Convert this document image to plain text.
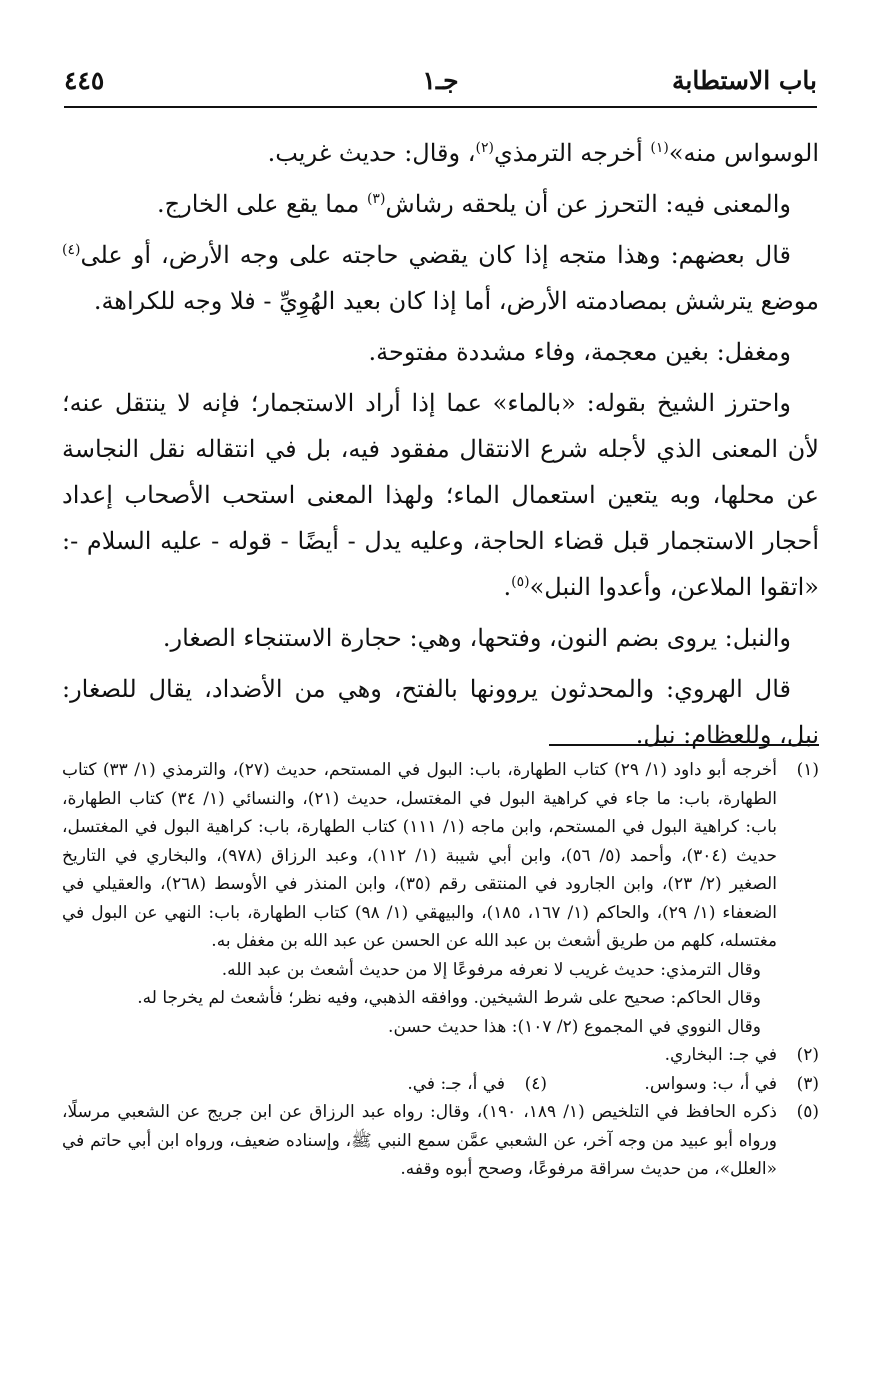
باب الاستطابة
جـ١
٤٤٥

الوسواس منه»$^{(١)}$ أخرجه الترمذي$^{(٢)}$، وقال: حديث غريب.

والمعنى فيه: التحرز عن أن يلحقه رشاش$^{(٣)}$ مما يقع على الخارج.

قال بعضهم: وهذا متجه إذا كان يقضي حاجته على وجه الأرض، أو على$^{(٤)}$ موضع يترشش بمصادمته الأرض، أما إذا كان بعيد الهُوِيِّ - فلا وجه للكراهة.

ومغفل: بغين معجمة، وفاء مشددة مفتوحة.

واحترز الشيخ بقوله: «بالماء» عما إذا أراد الاستجمار؛ فإنه لا ينتقل عنه؛ لأن المعنى الذي لأجله شرع الانتقال مفقود فيه، بل في انتقاله نقل النجاسة عن محلها، وبه يتعين استعمال الماء؛ ولهذا المعنى استحب الأصحاب إعداد أحجار الاستجمار قبل قضاء الحاجة، وعليه يدل - أيضًا - قوله - عليه السلام -: «اتقوا الملاعن، وأعدوا النبل»$^{(٥)}$.

والنبل: يروى بضم النون، وفتحها، وهي: حجارة الاستنجاء الصغار.

قال الهروي: والمحدثون يروونها بالفتح، وهي من الأضداد، يقال للصغار: نبل، وللعظام: نبل.

(١)

أخرجه أبو داود (١/ ٢٩) كتاب الطهارة، باب: البول في المستحم، حديث (٢٧)، والترمذي (١/ ٣٣) كتاب الطهارة، باب: ما جاء في كراهية البول في المغتسل، حديث (٢١)، والنسائي (١/ ٣٤) كتاب الطهارة، باب: كراهية البول في المستحم، وابن ماجه (١/ ١١١) كتاب الطهارة، باب: كراهية البول في المغتسل، حديث (٣٠٤)، وأحمد (٥/ ٥٦)، وابن أبي شيبة (١/ ١١٢)، وعبد الرزاق (٩٧٨)، والبخاري في التاريخ الصغير (٢/ ٢٣)، وابن الجارود في المنتقى رقم (٣٥)، وابن المنذر في الأوسط (٢٦٨)، والعقيلي في الضعفاء (١/ ٢٩)، والحاكم (١/ ١٦٧، ١٨٥)، والبيهقي (١/ ٩٨) كتاب الطهارة، باب: النهي عن البول في مغتسله، كلهم من طريق أشعث بن عبد الله عن الحسن عن عبد الله بن مغفل به.

وقال الترمذي: حديث غريب لا نعرفه مرفوعًا إلا من حديث أشعث بن عبد الله.

وقال الحاكم: صحيح على شرط الشيخين. ووافقه الذهبي، وفيه نظر؛ فأشعث لم يخرجا له.

وقال النووي في المجموع (٢/ ١٠٧): هذا حديث حسن.

(٢)
في جـ: البخاري.
(٣)
في أ، ب: وسواس.
(٤)
في أ، جـ: في.
(٥)
ذكره الحافظ في التلخيص (١/ ١٨٩، ١٩٠)، وقال: رواه عبد الرزاق عن ابن جريج عن الشعبي مرسلًا، ورواه أبو عبيد من وجه آخر، عن الشعبي عمَّن سمع النبي ﷺ، وإسناده ضعيف، ورواه ابن أبي حاتم في «العلل»، من حديث سراقة مرفوعًا، وصحح أبوه وقفه.
